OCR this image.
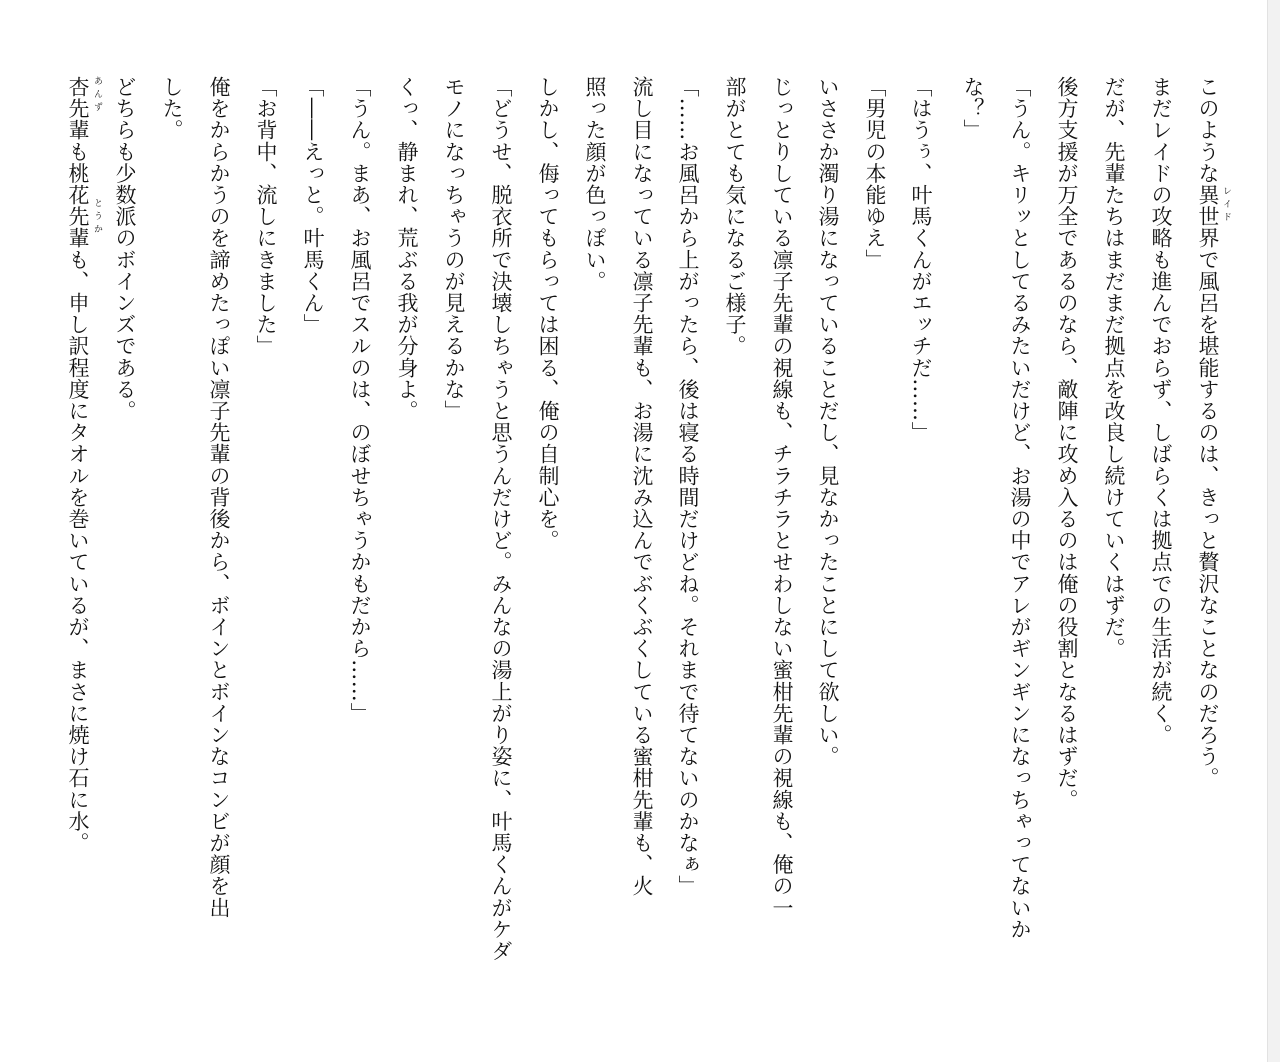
このような異世界で風呂を堪能するのは、きっと贅沢なことなのだろう。
まだレイドの攻略も進んでおらず、しばらくは拠点での生活が続く。
だが、先輩たちはまだまだ拠点を改良し続けていくはずだ。
後方支援が万全であるのなら、敵陣に攻め入るのは俺の役割となるはずだ。
「うん。キリッとしてるみたいだけど、お湯の中でアレがギンギンになっちゃってないか
な？」
「はうぅ、叶馬くんがエッチだ……」
「男児の本能ゆえ」
いささか濁り湯になっていることだし、見なかったことにして欲しい。
じっとりしている凛子先輩の視線も、チラチラとせわしない蜜柑先輩の視線も、俺の一
部がとても気になるご様子。
「……お風呂から上がったら、後は寝る時間だけどね。それまで待てないのかなぁ」
流し目になっている凛子先輩も、お湯に沈み込んでぶくぶくしている蜜柑先輩も、火
照った顔が色っぽい。
しかし、侮ってもらっては困る、俺の自制心を。
「どうせ、脱衣所で決壊しちゃうと思うんだけど。みんなの湯上がり姿に、叶馬くんがケダ
モノになっちゃうのが見えるかな」
くっ、静まれ、荒ぶる我が分身よ。
「うん。まあ、お風呂でスルのは、のぼせちゃうかもだから……」
「――えっと。叶馬くん」
「お背中、流しにきました」
俺をからかうのを諦めたっぽい凛子先輩の背後から、ボインとボインなコンビが顔を出
した。
どちらも少数派のボインズである。
杏先輩も桃花先輩も、申し訳程度にタオルを巻いているが、まさに焼け石に水。	レイド
あんず
とうか
